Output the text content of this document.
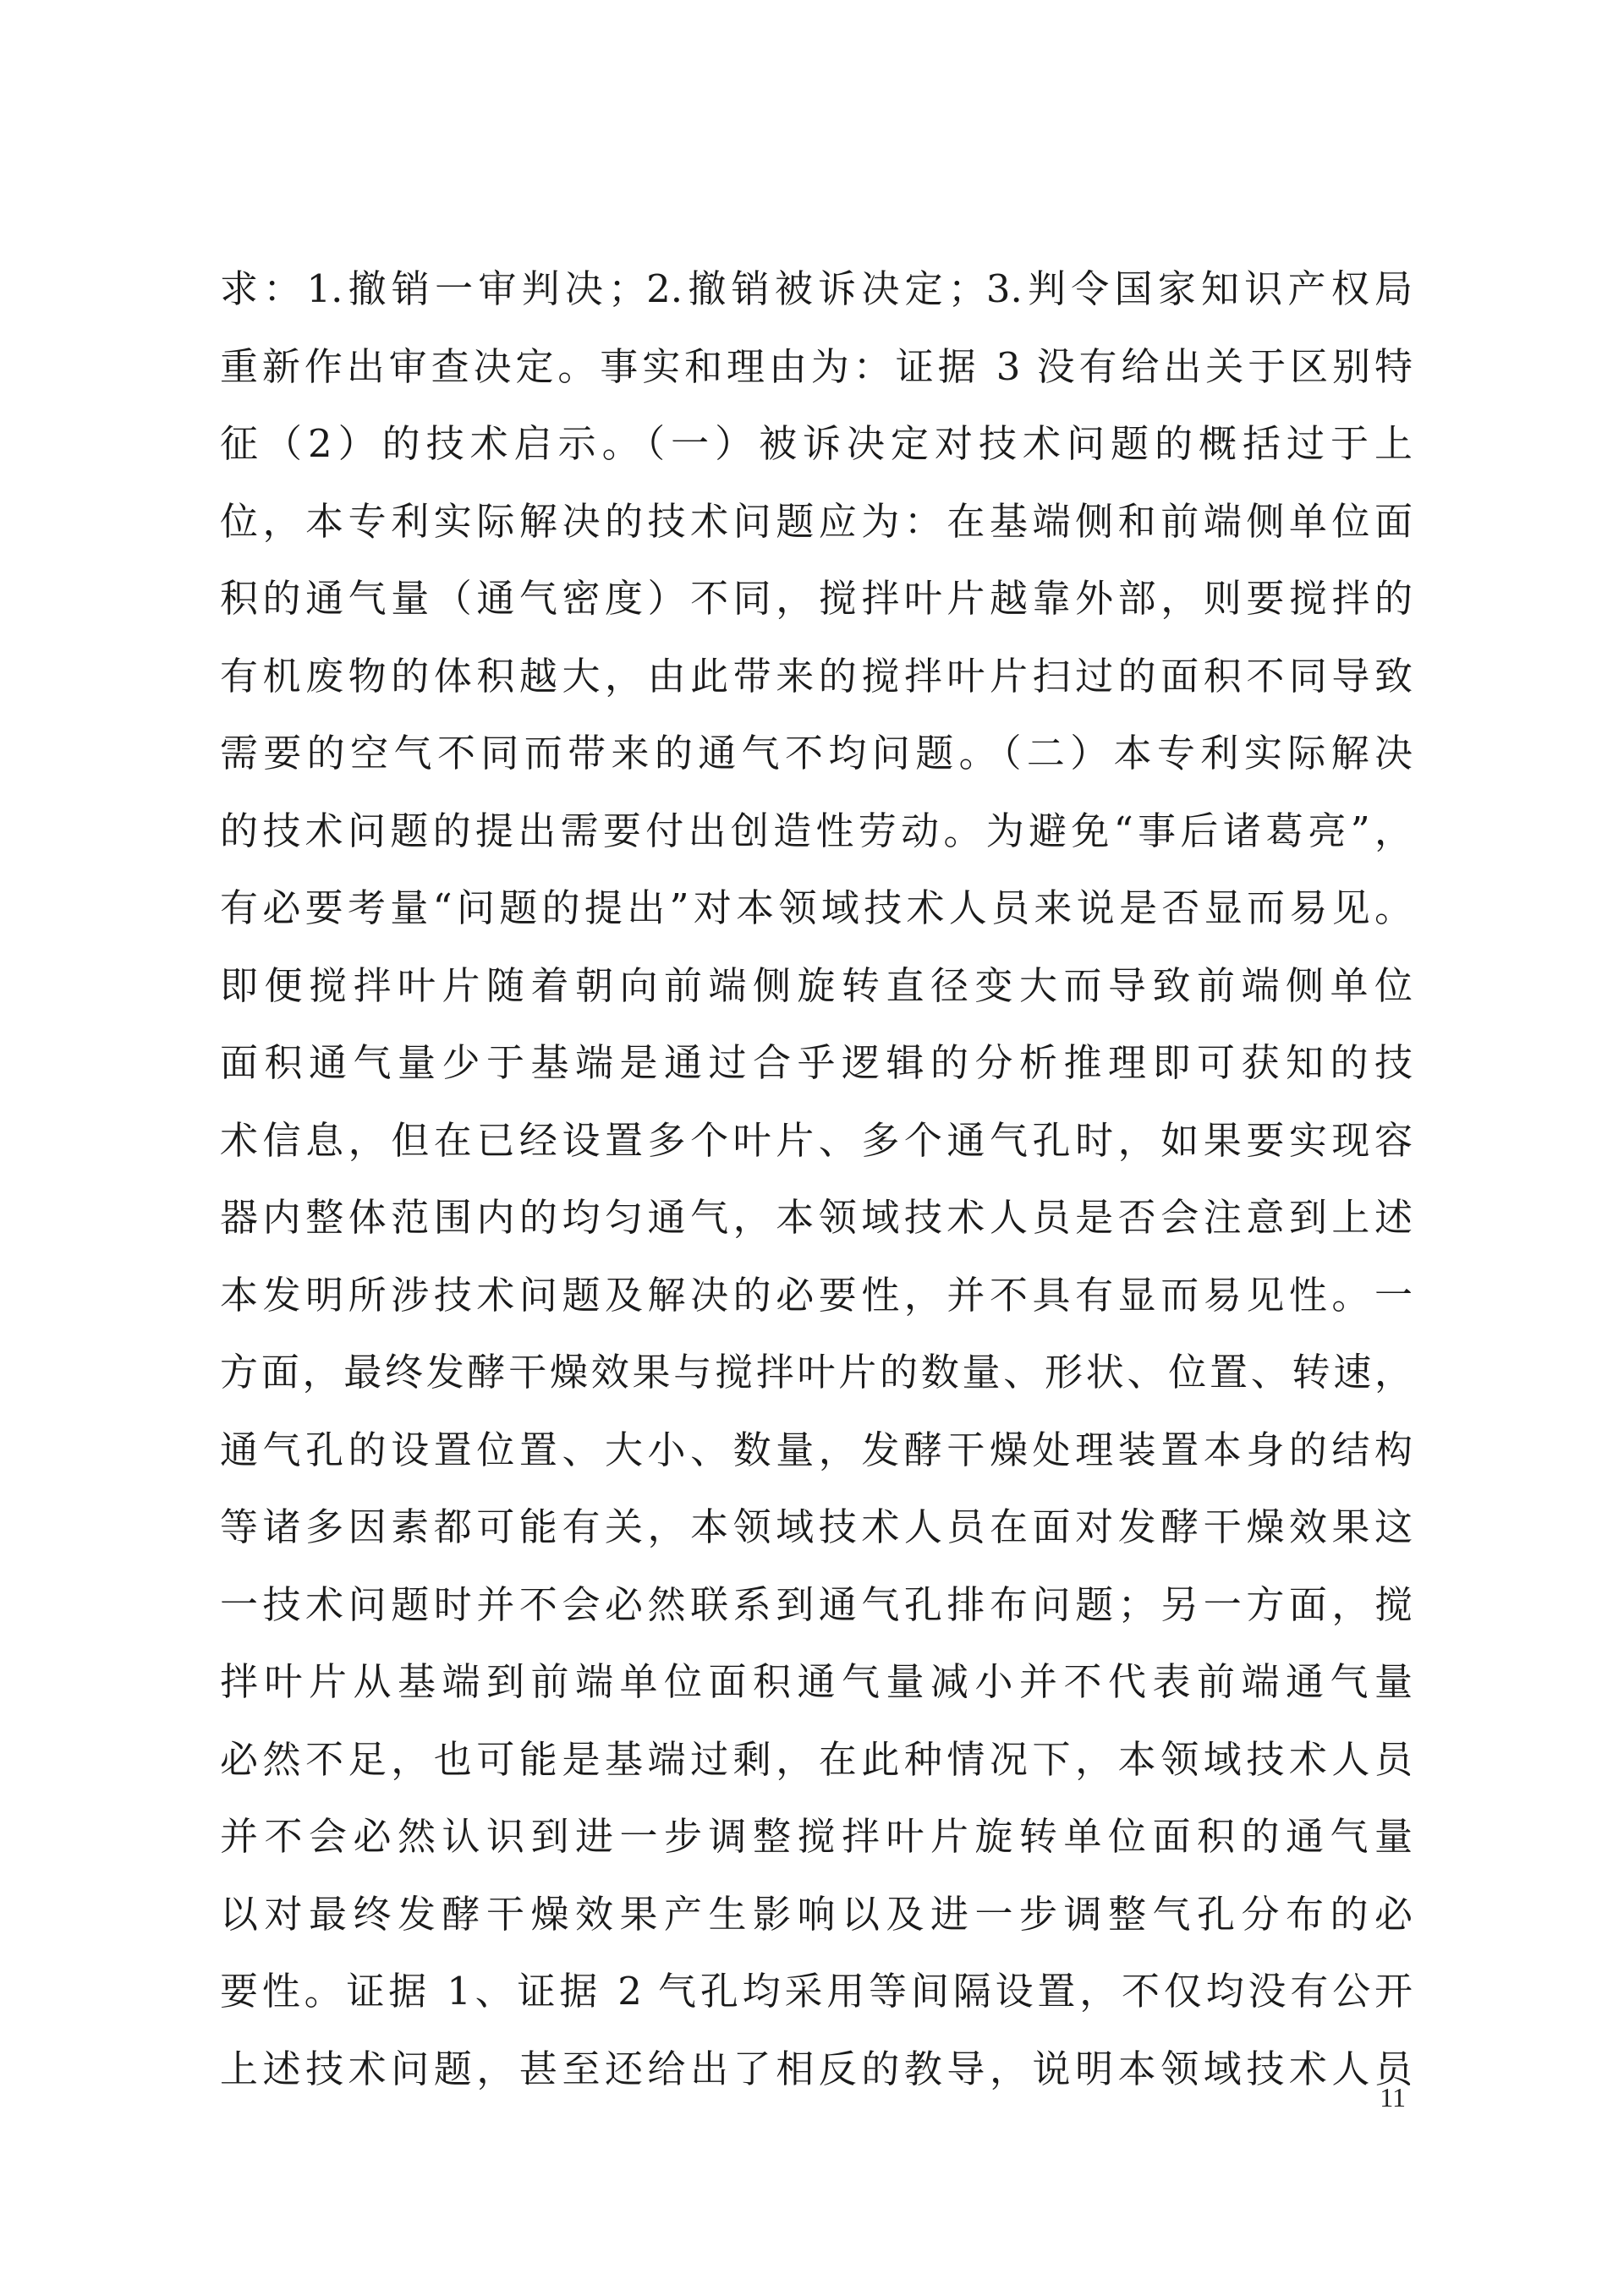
求：1.撤销一审判决；2.撤销被诉决定；3.判令国家知识产权局
重新作出审查决定。事实和理由为：证据 3 没有给出关于区别特
征（2）的技术启示。（一）被诉决定对技术问题的概括过于上
位，本专利实际解决的技术问题应为：在基端侧和前端侧单位面
积的通气量（通气密度）不同，搅拌叶片越靠外部，则要搅拌的
有机废物的体积越大，由此带来的搅拌叶片扫过的面积不同导致
需要的空气不同而带来的通气不均问题。（二）本专利实际解决
的技术问题的提出需要付出创造性劳动。为避免“事后诸葛亮”，
有必要考量“问题的提出”对本领域技术人员来说是否显而易见。
即便搅拌叶片随着朝向前端侧旋转直径变大而导致前端侧单位
面积通气量少于基端是通过合乎逻辑的分析推理即可获知的技
术信息，但在已经设置多个叶片、多个通气孔时，如果要实现容
器内整体范围内的均匀通气，本领域技术人员是否会注意到上述
本发明所涉技术问题及解决的必要性，并不具有显而易见性。一
方面，最终发酵干燥效果与搅拌叶片的数量、形状、位置、转速，
通气孔的设置位置、大小、数量，发酵干燥处理装置本身的结构
等诸多因素都可能有关，本领域技术人员在面对发酵干燥效果这
一技术问题时并不会必然联系到通气孔排布问题；另一方面，搅
拌叶片从基端到前端单位面积通气量减小并不代表前端通气量
必然不足，也可能是基端过剩，在此种情况下，本领域技术人员
并不会必然认识到进一步调整搅拌叶片旋转单位面积的通气量
以对最终发酵干燥效果产生影响以及进一步调整气孔分布的必
要性。证据 1、证据 2 气孔均采用等间隔设置，不仅均没有公开
上述技术问题，甚至还给出了相反的教导，说明本领域技术人员
11
